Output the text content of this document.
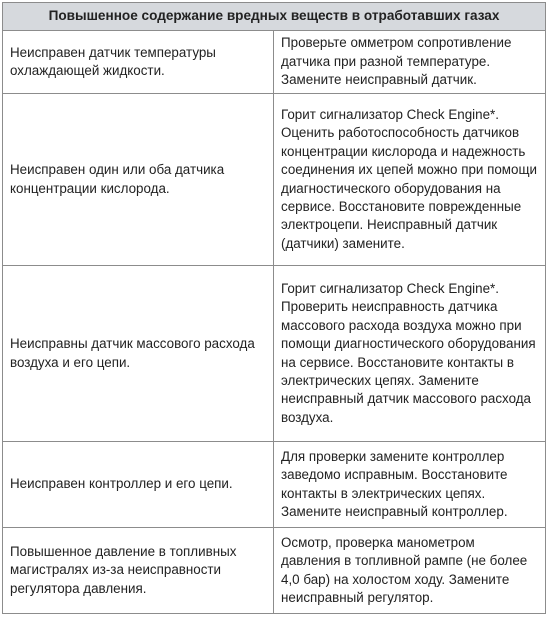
Повышенное содержание вредных веществ в отработавших газах	

Неисправен датчик температуры охлаждающей жидкости.	Проверьте омметром сопротивление датчика при разной температуре. Замените неисправный датчик.

Неисправен один или оба датчика концентрации кислорода.	Горит сигнализатор Check Engine*. Оценить работоспособность датчиков концентрации кислорода и надежность соединения их цепей можно при помощи диагностического оборудования на сервисе. Восстановите поврежденные электроцепи. Неисправный датчик (датчики) замените.

Неисправны датчик массового расхода воздуха и его цепи.	Горит сигнализатор Check Engine*. Проверить неисправность датчика массового расхода воздуха можно при помощи диагностического оборудования на сервисе. Восстановите контакты в электрических цепях. Замените неисправный датчик массового расхода воздуха.

Неисправен контроллер и его цепи.	Для проверки замените контроллер заведомо исправным. Восстановите контакты в электрических цепях. Замените неисправный контроллер.

Повышенное давление в топливных магистралях из-за неисправности регулятора давления.	Осмотр, проверка манометром давления в топливной рампе (не более 4,0 бар) на холостом ходу. Замените неисправный регулятор.
